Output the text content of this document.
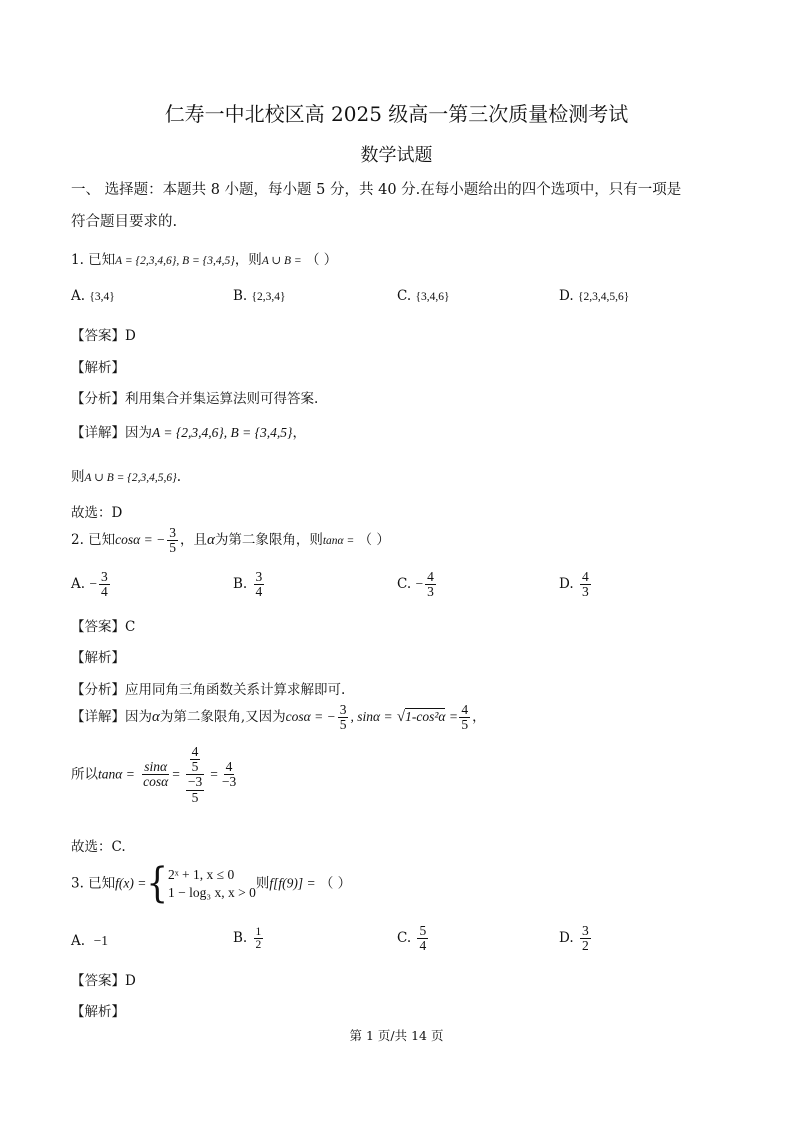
仁寿一中北校区高 2025 级高一第三次质量检测考试
数学试题
一、 选择题：本题共 8 小题，每小题 5 分，共 40 分.在每小题给出的四个选项中，只有一项是
符合题目要求的.
1. 已知A = {2,3,4,6}, B = {3,4,5}，则A ∪ B = （ ）
A. {3,4}	B. {2,3,4}	C. {3,4,6}	D. {2,3,4,5,6}
【答案】D
【解析】
【分析】利用集合并集运算法则可得答案.
【详解】因为A = {2,3,4,6}, B = {3,4,5}，
则A ∪ B = {2,3,4,5,6}.
故选：D
2. 已知cosα = − $\frac{3}{5}$ ，且α为第二象限角，则tanα = （ ）
A. − $\frac{3}{4}$	B. $\frac{3}{4}$	C. − $\frac{4}{3}$	D. $\frac{4}{3}$
【答案】C
【解析】
【分析】应用同角三角函数关系计算求解即可.
【详解】因为α为第二象限角,又因为cosα = − $\frac{3}{5}$ , $\sin\alpha = √1-\cos^2\alpha = \frac{4}{5}$ ，
所以$\tan\alpha = \frac{\sin\alpha}{\cos\alpha} = \frac{\frac{4}{5}}{\frac{-3}{5}} = \frac{4}{-3}$
故选：C.
3. 已知f(x) ={ 2ˣ + 1, x ≤ 0
1 − log₃ x, x > 0
则f[f(9)] = （ ）
A. −1	B. $\frac{1}{2}$	C. $\frac{5}{4}$	D. $\frac{3}{2}$
【答案】D
【解析】
第 1 页/共 14 页
